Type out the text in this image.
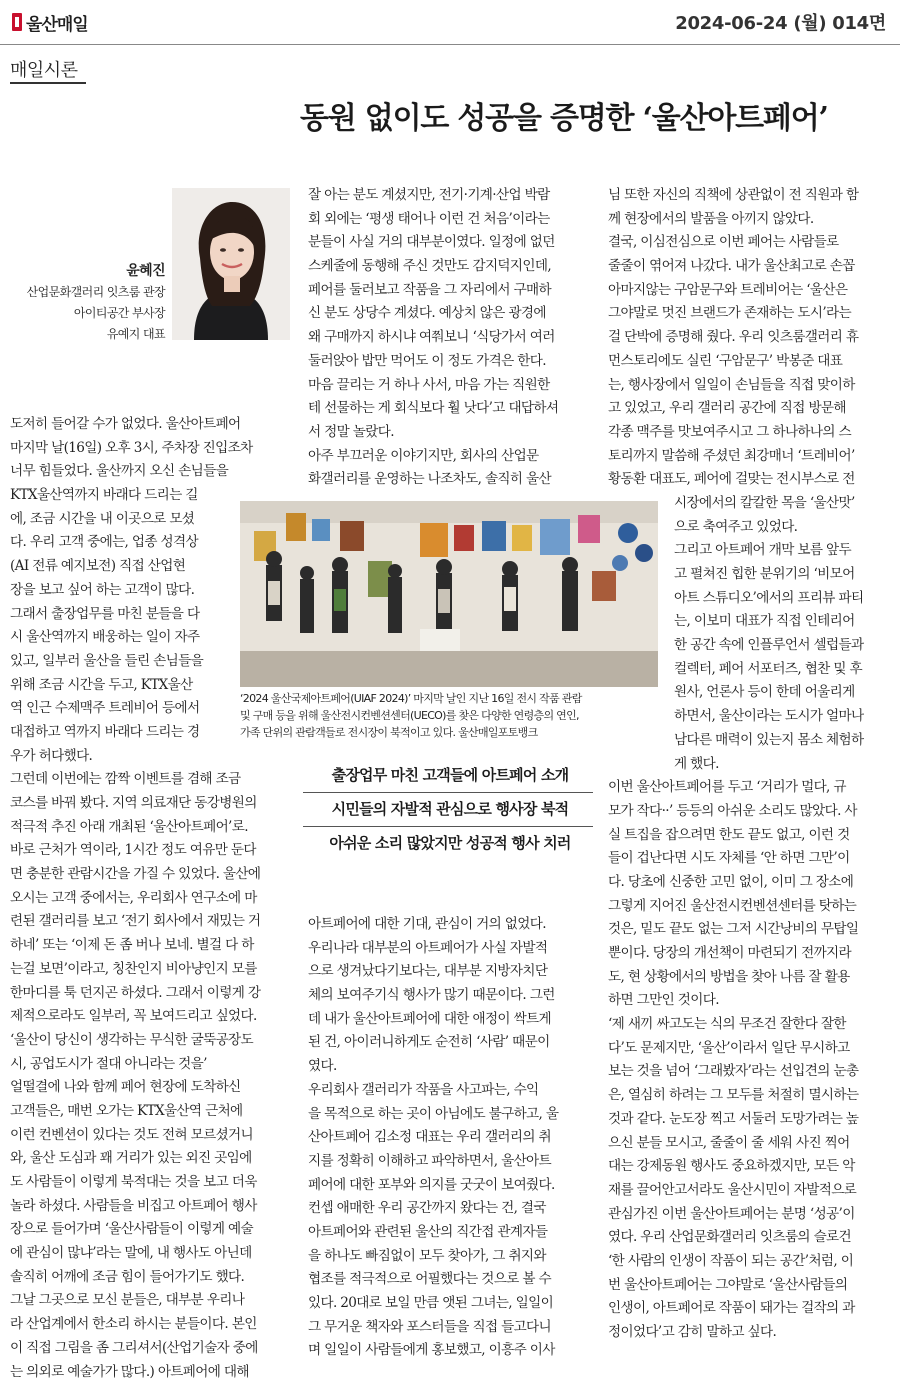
울산매일	2024-06-24 (월) 014면
매일시론
동원 없이도 성공을 증명한 ‘울산아트페어’
윤혜진
산업문화갤러리 잇츠룸 관장
아이티공간 부사장
유예지 대표
도저히 들어갈 수가 없었다. 울산아트페어
마지막 날(16일) 오후 3시, 주차장 진입조차
너무 힘들었다. 울산까지 오신 손님들을
KTX울산역까지 바래다 드리는 길
에, 조금 시간을 내 이곳으로 모셨
다. 우리 고객 중에는, 업종 성격상
(AI 전류 예지보전) 직접 산업현
장을 보고 싶어 하는 고객이 많다.
그래서 출장업무를 마친 분들을 다
시 울산역까지 배웅하는 일이 자주
있고, 일부러 울산을 들린 손님들을
위해 조금 시간을 두고, KTX울산
역 인근 수제맥주 트레비어 등에서
대접하고 역까지 바래다 드리는 경
우가 허다했다.
그런데 이번에는 깜짝 이벤트를 겸해 조금
코스를 바꿔 봤다. 지역 의료재단 동강병원의
적극적 추진 아래 개최된 ‘울산아트페어’로.
바로 근처가 역이라, 1시간 정도 여유만 둔다
면 충분한 관람시간을 가질 수 있었다. 울산에
오시는 고객 중에서는, 우리회사 연구소에 마
련된 갤러리를 보고 ‘전기 회사에서 재밌는 거
하네’ 또는 ‘이제 돈 좀 버나 보네. 별걸 다 하
는걸 보면’이라고, 칭찬인지 비아냥인지 모를
한마디를 툭 던지곤 하셨다. 그래서 이렇게 강
제적으로라도 일부러, 꼭 보여드리고 싶었다.
‘울산이 당신이 생각하는 무식한 굴뚝공장도
시, 공업도시가 절대 아니라는 것을’
얼떨결에 나와 함께 페어 현장에 도착하신
고객들은, 매번 오가는 KTX울산역 근처에
이런 컨벤션이 있다는 것도 전혀 모르셨거니
와, 울산 도심과 꽤 거리가 있는 외진 곳임에
도 사람들이 이렇게 북적대는 것을 보고 더욱
놀라 하셨다. 사람들을 비집고 아트페어 행사
장으로 들어가며 ‘울산사람들이 이렇게 예술
에 관심이 많냐’라는 말에, 내 행사도 아닌데
솔직히 어깨에 조금 힘이 들어가기도 했다.
그날 그곳으로 모신 분들은, 대부분 우리나
라 산업계에서 한소리 하시는 분들이다. 본인
이 직접 그림을 좀 그리셔서(산업기술자 중에
는 의외로 예술가가 많다.) 아트페어에 대해
잘 아는 분도 계셨지만, 전기·기계·산업 박람
회 외에는 ‘평생 태어나 이런 건 처음’이라는
분들이 사실 거의 대부분이였다. 일정에 없던
스케줄에 동행해 주신 것만도 감지덕지인데,
페어를 둘러보고 작품을 그 자리에서 구매하
신 분도 상당수 계셨다. 예상치 않은 광경에
왜 구매까지 하시냐 여쭤보니 ‘식당가서 여러
둘러앉아 밥만 먹어도 이 정도 가격은 한다.
마음 끌리는 거 하나 사서, 마음 가는 직원한
테 선물하는 게 회식보다 훨 낫다’고 대답하셔
서 정말 놀랐다.
아주 부끄러운 이야기지만, 회사의 산업문
화갤러리를 운영하는 나조차도, 솔직히 울산
‘2024 울산국제아트페어(UIAF 2024)’ 마지막 날인 지난 16일 전시 작품 관람
및 구매 등을 위해 울산전시컨벤션센터(UECO)를 찾은 다양한 연령층의 연인,
가족 단위의 관람객들로 전시장이 북적이고 있다. 울산매일포토뱅크
출장업무 마친 고객들에 아트페어 소개
시민들의 자발적 관심으로 행사장 북적
아쉬운 소리 많았지만 성공적 행사 치러
아트페어에 대한 기대, 관심이 거의 없었다.
우리나라 대부분의 아트페어가 사실 자발적
으로 생겨났다기보다는, 대부분 지방자치단
체의 보여주기식 행사가 많기 때문이다. 그런
데 내가 울산아트페어에 대한 애정이 싹트게
된 건, 아이러니하게도 순전히 ‘사람’ 때문이
였다.
우리회사 갤러리가 작품을 사고파는, 수익
을 목적으로 하는 곳이 아님에도 불구하고, 울
산아트페어 김소정 대표는 우리 갤러리의 취
지를 정확히 이해하고 파악하면서, 울산아트
페어에 대한 포부와 의지를 굿굿이 보여줬다.
컨셉 애매한 우리 공간까지 왔다는 건, 결국
아트페어와 관련된 울산의 직간접 관계자들
을 하나도 빠짐없이 모두 찾아가, 그 취지와
협조를 적극적으로 어필했다는 것으로 볼 수
있다. 20대로 보일 만큼 앳된 그녀는, 일일이
그 무거운 책자와 포스터들을 직접 들고다니
며 일일이 사람들에게 홍보했고, 이흥주 이사
님 또한 자신의 직책에 상관없이 전 직원과 함
께 현장에서의 발품을 아끼지 않았다.
결국, 이심전심으로 이번 페어는 사람들로
줄줄이 엮어져 나갔다. 내가 울산최고로 손꼽
아마지않는 구암문구와 트레비어는 ‘울산은
그야말로 멋진 브랜드가 존재하는 도시’라는
걸 단박에 증명해 줬다. 우리 잇츠룸갤러리 휴
먼스토리에도 실린 ‘구암문구’ 박봉준 대표
는, 행사장에서 일일이 손님들을 직접 맞이하
고 있었고, 우리 갤러리 공간에 직접 방문해
각종 맥주를 맛보여주시고 그 하나하나의 스
토리까지 말씀해 주셨던 최강매너 ‘트레비어’
황동환 대표도, 페어에 걸맞는 전시부스로 전
시장에서의 칼칼한 목을 ‘울산맛’
으로 축여주고 있었다.
그리고 아트페어 개막 보름 앞두
고 펼쳐진 힙한 분위기의 ‘비모어
아트 스튜디오’에서의 프리뷰 파티
는, 이보미 대표가 직접 인테리어
한 공간 속에 인플루언서 셀럽들과
컬렉터, 페어 서포터즈, 협찬 및 후
원사, 언론사 등이 한데 어울리게
하면서, 울산이라는 도시가 얼마나
남다른 매력이 있는지 몸소 체험하
게 했다.
이번 울산아트페어를 두고 ‘거리가 멀다, 규
모가 작다··’ 등등의 아쉬운 소리도 많았다. 사
실 트집을 잡으려면 한도 끝도 없고, 이런 것
들이 겁난다면 시도 자체를 ‘안 하면 그만’이
다. 당초에 신중한 고민 없이, 이미 그 장소에
그렇게 지어진 울산전시컨벤션센터를 탓하는
것은, 밑도 끝도 없는 그저 시간낭비의 무탑일
뿐이다. 당장의 개선책이 마련되기 전까지라
도, 현 상황에서의 방법을 찾아 나름 잘 활용
하면 그만인 것이다.
‘제 새끼 싸고도는 식의 무조건 잘한다 잘한
다’도 문제지만, ‘울산’이라서 일단 무시하고
보는 것을 넘어 ‘그래봤자’라는 선입견의 눈총
은, 열심히 하려는 그 모두를 처절히 멸시하는
것과 같다. 눈도장 찍고 서둘러 도망가려는 높
으신 분들 모시고, 줄줄이 줄 세워 사진 찍어
대는 강제동원 행사도 중요하겠지만, 모든 악
재를 끌어안고서라도 울산시민이 자발적으로
관심가진 이번 울산아트페어는 분명 ‘성공’이
였다. 우리 산업문화갤러리 잇츠룸의 슬로건
‘한 사람의 인생이 작품이 되는 공간’처럼, 이
번 울산아트페어는 그야말로 ‘울산사람들의
인생이, 아트페어로 작품이 돼가는 걸작의 과
정이었다’고 감히 말하고 싶다.
